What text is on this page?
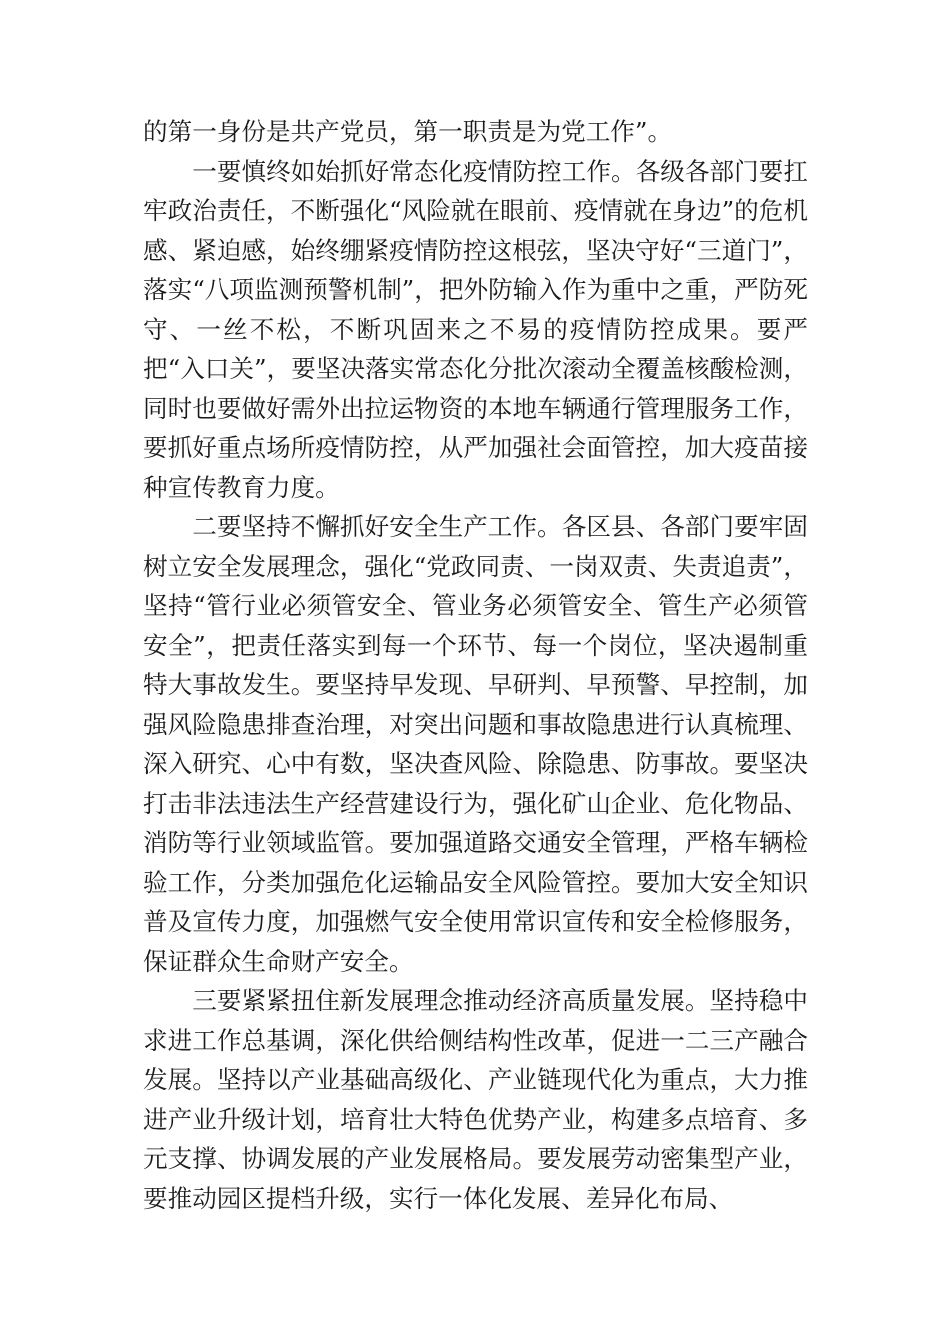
的第一身份是共产党员，第一职责是为党工作”。

一要慎终如始抓好常态化疫情防控工作。各级各部门要扛牢政治责任，不断强化“风险就在眼前、疫情就在身边”的危机感、紧迫感，始终绷紧疫情防控这根弦，坚决守好“三道门”，落实“八项监测预警机制”，把外防输入作为重中之重，严防死守、一丝不松，不断巩固来之不易的疫情防控成果。要严把“入口关”，要坚决落实常态化分批次滚动全覆盖核酸检测，同时也要做好需外出拉运物资的本地车辆通行管理服务工作，要抓好重点场所疫情防控，从严加强社会面管控，加大疫苗接种宣传教育力度。

二要坚持不懈抓好安全生产工作。各区县、各部门要牢固树立安全发展理念，强化“党政同责、一岗双责、失责追责”，坚持“管行业必须管安全、管业务必须管安全、管生产必须管安全”，把责任落实到每一个环节、每一个岗位，坚决遏制重特大事故发生。要坚持早发现、早研判、早预警、早控制，加强风险隐患排查治理，对突出问题和事故隐患进行认真梳理、深入研究、心中有数，坚决查风险、除隐患、防事故。要坚决打击非法违法生产经营建设行为，强化矿山企业、危化物品、消防等行业领域监管。要加强道路交通安全管理，严格车辆检验工作，分类加强危化运输品安全风险管控。要加大安全知识普及宣传力度，加强燃气安全使用常识宣传和安全检修服务，保证群众生命财产安全。

三要紧紧扭住新发展理念推动经济高质量发展。坚持稳中求进工作总基调，深化供给侧结构性改革，促进一二三产融合发展。坚持以产业基础高级化、产业链现代化为重点，大力推进产业升级计划，培育壮大特色优势产业，构建多点培育、多元支撑、协调发展的产业发展格局。要发展劳动密集型产业，要推动园区提档升级，实行一体化发展、差异化布局、
